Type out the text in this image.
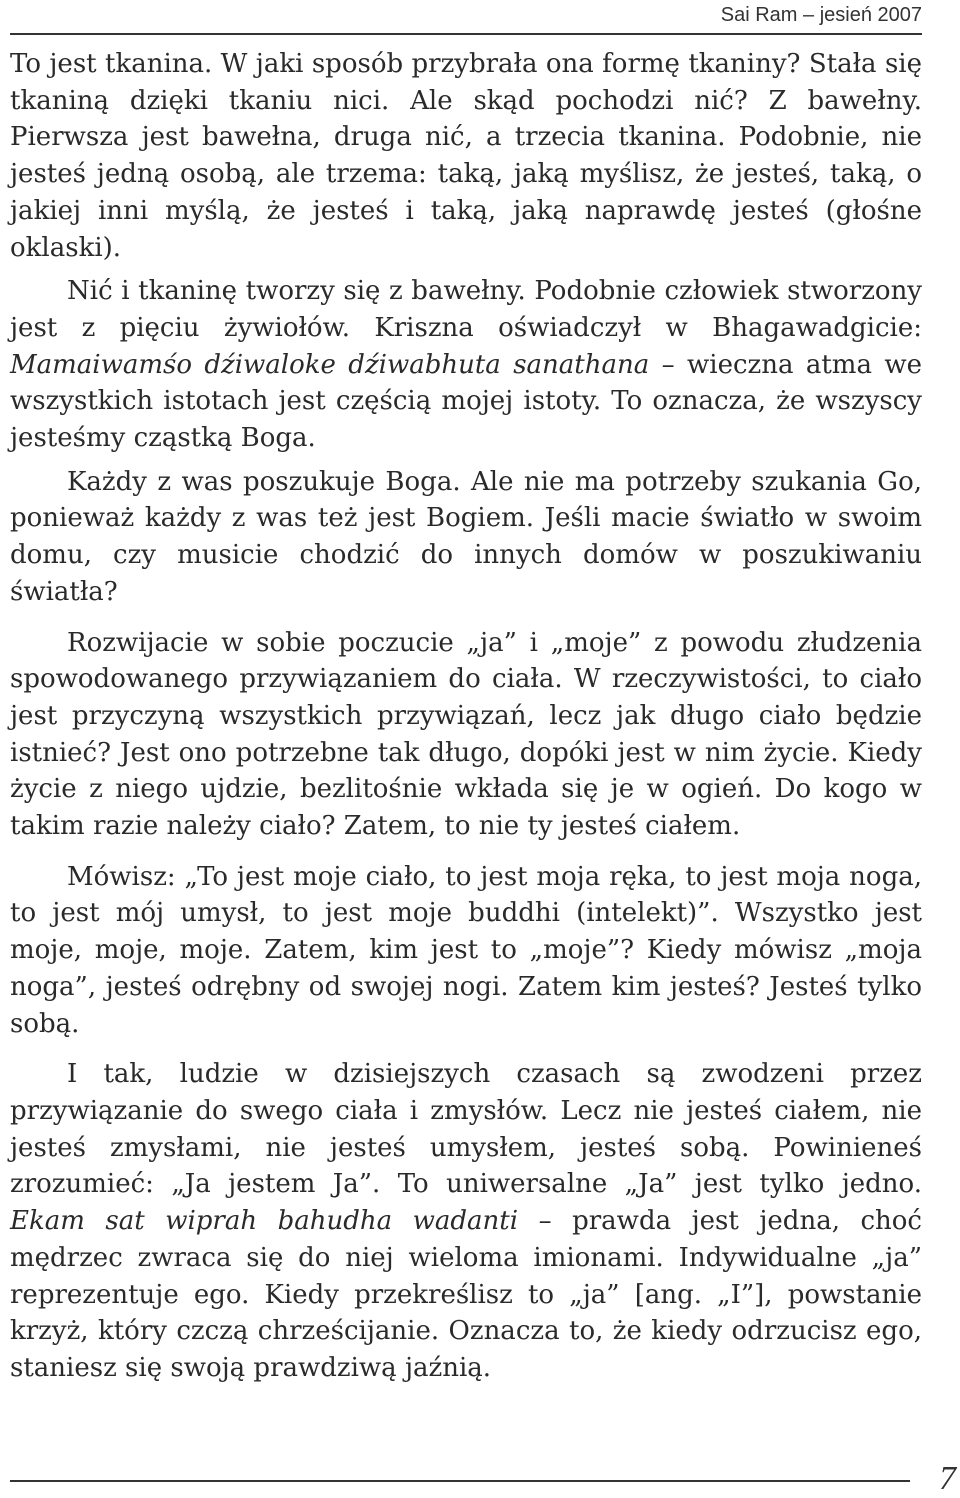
Sai Ram – jesień 2007

To jest tkanina. W jaki sposób przybrała ona formę tkaniny? Stała się tkaniną dzięki tkaniu nici. Ale skąd pochodzi nić? Z bawełny. Pierwsza jest bawełna, druga nić, a trzecia tkanina. Podobnie, nie jesteś jedną osobą, ale trzema: taką, jaką myślisz, że jesteś, taką, o jakiej inni myślą, że jesteś i taką, jaką naprawdę jesteś (głośne oklaski).

Nić i tkaninę tworzy się z bawełny. Podobnie człowiek stworzony jest z pięciu żywiołów. Kriszna oświadczył w Bhagawadgicie: Mamaiwamśo dźiwaloke dźiwabhuta sanathana – wieczna atma we wszystkich istotach jest częścią mojej istoty. To oznacza, że wszyscy jesteśmy cząstką Boga.

Każdy z was poszukuje Boga. Ale nie ma potrzeby szukania Go, ponieważ każdy z was też jest Bogiem. Jeśli macie światło w swoim domu, czy musicie chodzić do innych domów w poszukiwaniu światła?

Rozwijacie w sobie poczucie „ja” i „moje” z powodu złudzenia spowodowanego przywiązaniem do ciała. W rzeczywistości, to ciało jest przyczyną wszystkich przywiązań, lecz jak długo ciało będzie istnieć? Jest ono potrzebne tak długo, dopóki jest w nim życie. Kiedy życie z niego ujdzie, bezlitośnie wkłada się je w ogień. Do kogo w takim razie należy ciało? Zatem, to nie ty jesteś ciałem.

Mówisz: „To jest moje ciało, to jest moja ręka, to jest moja noga, to jest mój umysł, to jest moje buddhi (intelekt)”. Wszystko jest moje, moje, moje. Zatem, kim jest to „moje”? Kiedy mówisz „moja noga”, jesteś odrębny od swojej nogi. Zatem kim jesteś? Jesteś tylko sobą.

I tak, ludzie w dzisiejszych czasach są zwodzeni przez przywiązanie do swego ciała i zmysłów. Lecz nie jesteś ciałem, nie jesteś zmysłami, nie jesteś umysłem, jesteś sobą. Powinieneś zrozumieć: „Ja jestem Ja”. To uniwersalne „Ja” jest tylko jedno. Ekam sat wiprah bahudha wadanti – prawda jest jedna, choć mędrzec zwraca się do niej wieloma imionami. Indywidualne „ja” reprezentuje ego. Kiedy przekreślisz to „ja” [ang. „I”], powstanie krzyż, który czczą chrześcijanie. Oznacza to, że kiedy odrzucisz ego, staniesz się swoją prawdziwą jaźnią.

7
